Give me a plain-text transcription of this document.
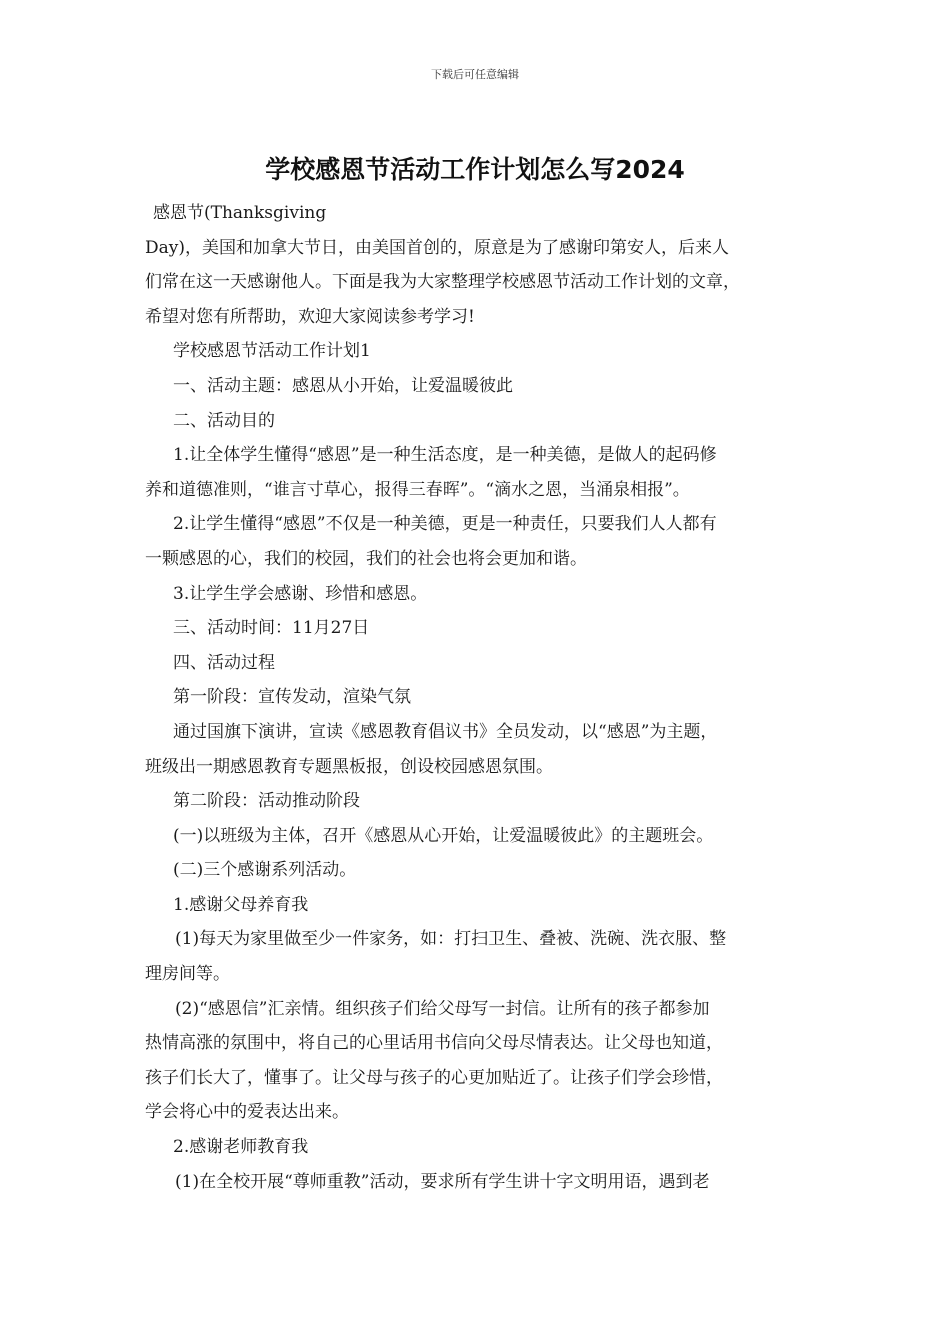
下载后可任意编辑
学校感恩节活动工作计划怎么写2024

感恩节(Thanksgiving

Day)，美国和加拿大节日，由美国首创的，原意是为了感谢印第安人，后来人

们常在这一天感谢他人。下面是我为大家整理学校感恩节活动工作计划的文章，

希望对您有所帮助，欢迎大家阅读参考学习!

学校感恩节活动工作计划1

一、活动主题：感恩从小开始，让爱温暖彼此

二、活动目的

1.让全体学生懂得“感恩”是一种生活态度，是一种美德，是做人的起码修

养和道德准则，“谁言寸草心，报得三春晖”。“滴水之恩，当涌泉相报”。

2.让学生懂得“感恩”不仅是一种美德，更是一种责任，只要我们人人都有

一颗感恩的心，我们的校园，我们的社会也将会更加和谐。

3.让学生学会感谢、珍惜和感恩。

三、活动时间：11月27日

四、活动过程

第一阶段：宣传发动，渲染气氛

通过国旗下演讲，宣读《感恩教育倡议书》全员发动，以“感恩”为主题，

班级出一期感恩教育专题黑板报，创设校园感恩氛围。

第二阶段：活动推动阶段

(一)以班级为主体，召开《感恩从心开始，让爱温暖彼此》的主题班会。

(二)三个感谢系列活动。

1.感谢父母养育我

(1)每天为家里做至少一件家务，如：打扫卫生、叠被、洗碗、洗衣服、整

理房间等。

(2)“感恩信”汇亲情。组织孩子们给父母写一封信。让所有的孩子都参加

热情高涨的氛围中，将自己的心里话用书信向父母尽情表达。让父母也知道，

孩子们长大了，懂事了。让父母与孩子的心更加贴近了。让孩子们学会珍惜，

学会将心中的爱表达出来。

2.感谢老师教育我

(1)在全校开展“尊师重教”活动，要求所有学生讲十字文明用语，遇到老
